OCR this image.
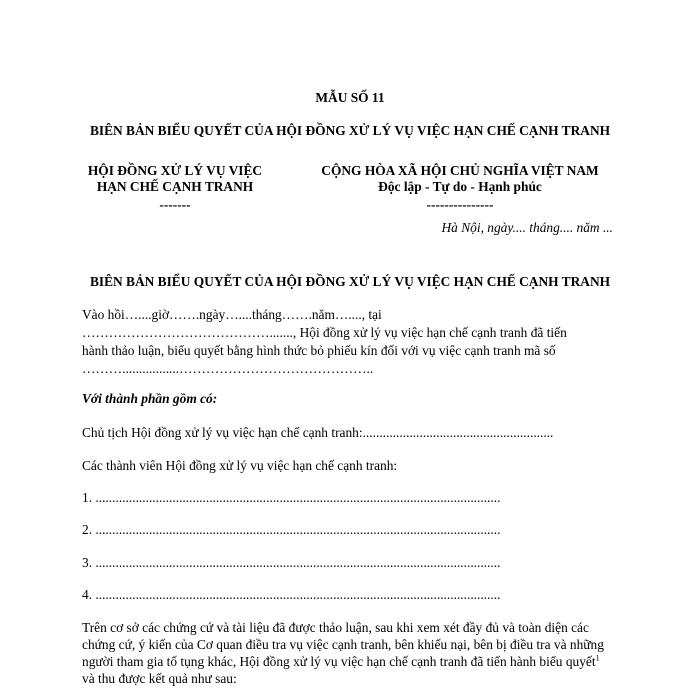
MẪU SỐ 11
BIÊN BẢN BIỂU QUYẾT CỦA HỘI ĐỒNG XỬ LÝ VỤ VIỆC HẠN CHẾ CẠNH TRANH
HỘI ĐỒNG XỬ LÝ VỤ VIỆC
HẠN CHẾ CẠNH TRANH
-------
CỘNG HÒA XÃ HỘI CHỦ NGHĨA VIỆT NAM
Độc lập - Tự do - Hạnh phúc
---------------
Hà Nội, ngày.... tháng.... năm ...
BIÊN BẢN BIỂU QUYẾT CỦA HỘI ĐỒNG XỬ LÝ VỤ VIỆC HẠN CHẾ CẠNH TRANH
Vào hồi…....giờ…….ngày…....tháng…….năm…...., tại
……………………………………......., Hội đồng xử lý vụ việc hạn chế cạnh tranh đã tiến
hành thảo luận, biểu quyết bằng hình thức bỏ phiếu kín đối với vụ việc cạnh tranh mã số
……….................……………………………………..
Với thành phần gồm có:
Chủ tịch Hội đồng xử lý vụ việc hạn chế cạnh tranh:.........................................................
Các thành viên Hội đồng xử lý vụ việc hạn chế cạnh tranh:
1. .........................................................................................................................
2. .........................................................................................................................
3. .........................................................................................................................
4. .........................................................................................................................
Trên cơ sở các chứng cứ và tài liệu đã được thảo luận, sau khi xem xét đầy đủ và toàn diện các
chứng cứ, ý kiến của Cơ quan điều tra vụ việc cạnh tranh, bên khiếu nại, bên bị điều tra và những
người tham gia tố tụng khác, Hội đồng xử lý vụ việc hạn chế cạnh tranh đã tiến hành biểu quyết$^1$
và thu được kết quả như sau:
